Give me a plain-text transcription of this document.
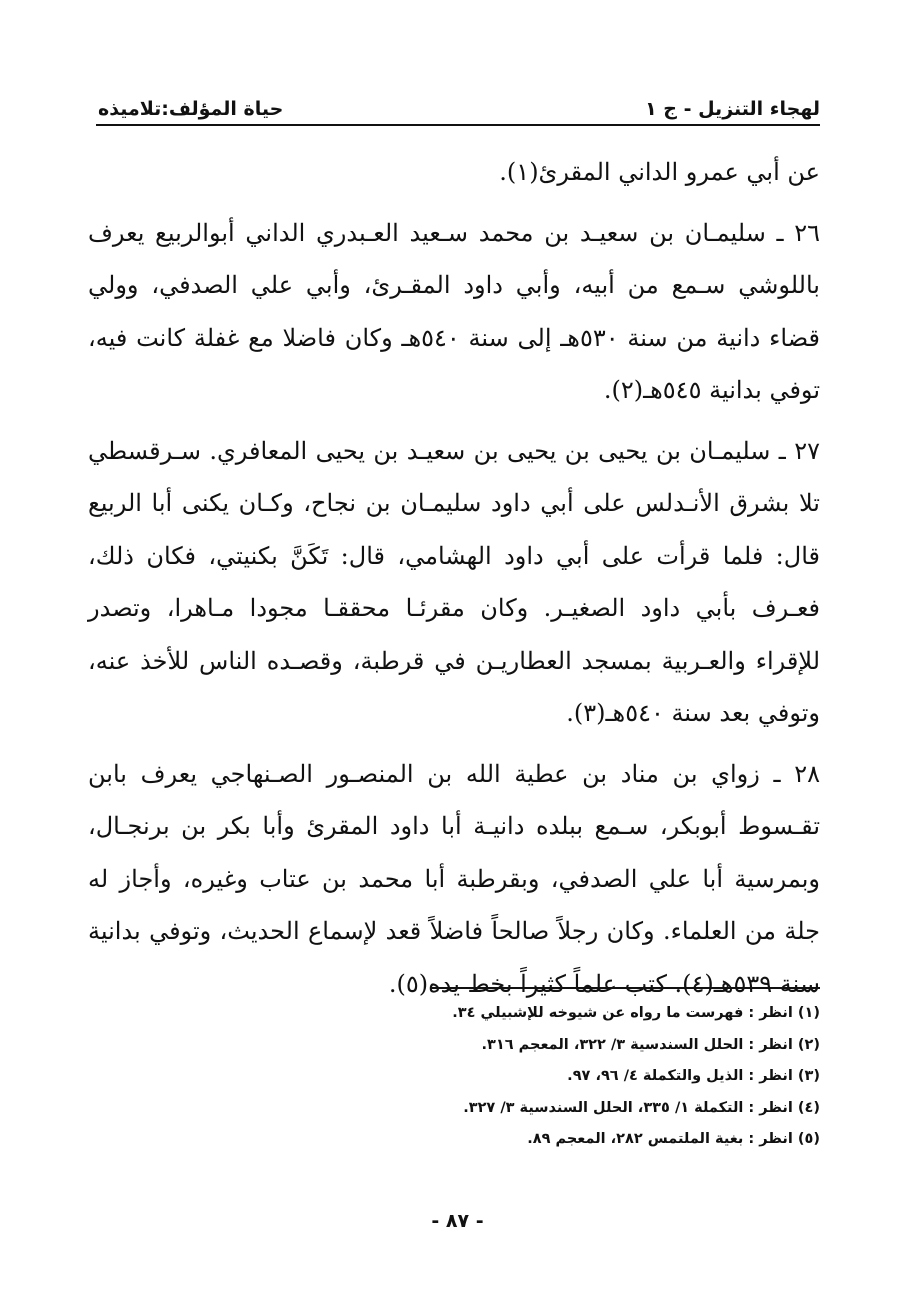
لهجاء التنزيل - ج ١
حياة المؤلف:تلاميذه

عن أبي عمرو الداني المقرئ(١).

٢٦ ـ سليمـان بن سعيـد بن محمد سـعيد العـبدري الداني أبوالربيع يعرف باللوشي سـمع من أبيه، وأبي داود المقـرئ، وأبي علي الصدفي، وولي قضاء دانية من سنة ٥٣٠هـ إلى سنة ٥٤٠هـ وكان فاضلا مع غفلة كانت فيه، توفي بدانية ٥٤٥هـ(٢).

٢٧ ـ سليمـان بن يحيى بن يحيى بن سعيـد بن يحيى المعافري. سـرقسطي تلا بشرق الأنـدلس على أبي داود سليمـان بن نجاح، وكـان يكنى أبا الربيع قال: فلما قرأت على أبي داود الهشامي، قال: تَكَنَّ بكنيتي، فكان ذلك، فعـرف بأبي داود الصغيـر. وكان مقرئـا محققـا مجودا مـاهرا، وتصدر للإقراء والعـربية بمسجد العطاريـن في قرطبة، وقصـده الناس للأخذ عنه، وتوفي بعد سنة ٥٤٠هـ(٣).

٢٨ ـ زواي بن مناد بن عطية الله بن المنصـور الصـنهاجي يعرف بابن تقـسوط أبوبكر، سـمع ببلده دانيـة أبا داود المقرئ وأبا بكر بن برنجـال، وبمرسية أبا علي الصدفي، وبقرطبة أبا محمد بن عتاب وغيره، وأجاز له جلة من العلماء. وكان رجلاً صالحاً فاضلاً قعد لإسماع الحديث، وتوفي بدانية سنة ٥٣٩هـ(٤). كتب علماً كثيراً بخط يده(٥).

(١) انظر : فهرست ما رواه عن شيوخه للإشبيلي ٣٤.
(٢) انظر : الحلل السندسية ٣/ ٣٢٢، المعجم ٣١٦.
(٣) انظر : الذيل والتكملة ٤/ ٩٦، ٩٧.
(٤) انظر : التكملة ١/ ٣٣٥، الحلل السندسية ٣/ ٣٢٧.
(٥) انظر : بغية الملتمس ٢٨٢، المعجم ٨٩.
- ٨٧ -
